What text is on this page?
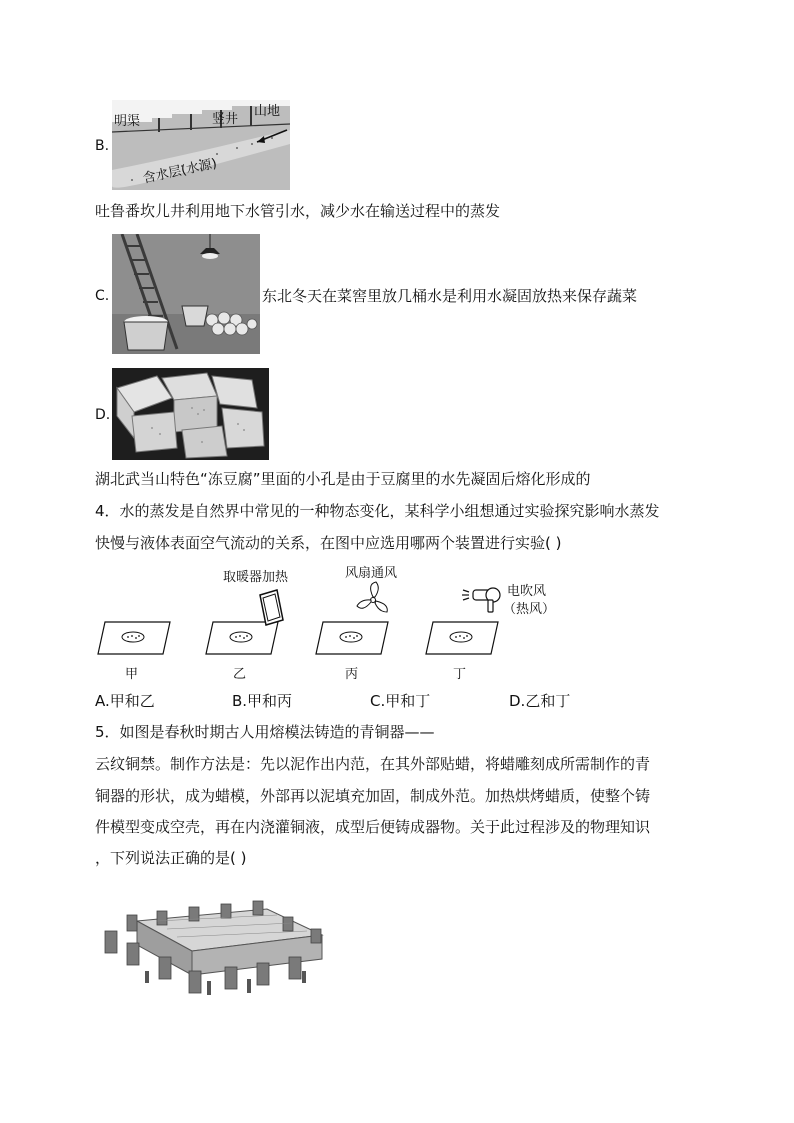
B.
明渠	竖井
山地
含水层(水源)
吐鲁番坎儿井利用地下水管引水，减少水在输送过程中的蒸发
C.	东北冬天在菜窖里放几桶水是利用水凝固放热来保存蔬菜
D.
湖北武当山特色“冻豆腐”里面的小孔是由于豆腐里的水先凝固后熔化形成的
4．水的蒸发是自然界中常见的一种物态变化，某科学小组想通过实验探究影响水蒸发
快慢与液体表面空气流动的关系，在图中应选用哪两个装置进行实验( )
取暖器加热	风扇通风
电吹风
（热风）
甲	乙	丙	丁
A.甲和乙	B.甲和丙	C.甲和丁	D.乙和丁
5．如图是春秋时期古人用熔模法铸造的青铜器——
云纹铜禁。制作方法是：先以泥作出内范，在其外部贴蜡，将蜡雕刻成所需制作的青
铜器的形状，成为蜡模，外部再以泥填充加固，制成外范。加热烘烤蜡质，使整个铸
件模型变成空壳，再在内浇灌铜液，成型后便铸成器物。关于此过程涉及的物理知识
，下列说法正确的是( )
